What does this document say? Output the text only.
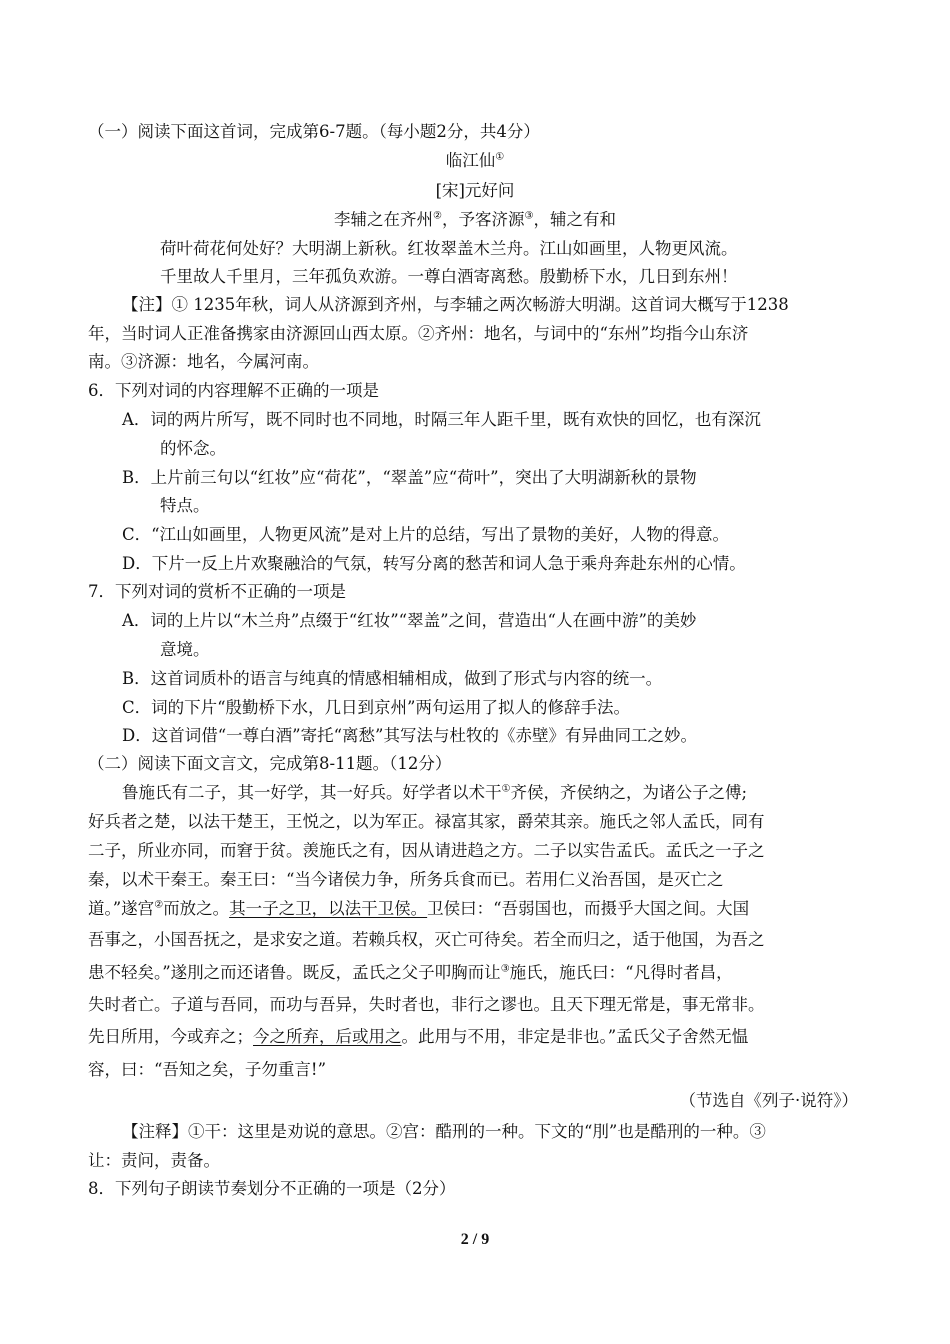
（一）阅读下面这首词，完成第6-7题。（每小题2分，共4分）
临江仙①
[宋]元好问
李辅之在齐州②，予客济源③，辅之有和
荷叶荷花何处好？大明湖上新秋。红妆翠盖木兰舟。江山如画里，人物更风流。
千里故人千里月，三年孤负欢游。一尊白酒寄离愁。殷勤桥下水，几日到东州！
【注】① 1235年秋，词人从济源到齐州，与李辅之两次畅游大明湖。这首词大概写于1238
年，当时词人正准备携家由济源回山西太原。②齐州：地名，与词中的“东州”均指今山东济
南。③济源：地名，今属河南。
6．下列对词的内容理解不正确的一项是
A．词的两片所写，既不同时也不同地，时隔三年人距千里，既有欢快的回忆，也有深沉
的怀念。
B．上片前三句以“红妆”应“荷花”，“翠盖”应“荷叶”，突出了大明湖新秋的景物
特点。
C．“江山如画里，人物更风流”是对上片的总结，写出了景物的美好，人物的得意。
D．下片一反上片欢聚融洽的气氛，转写分离的愁苦和词人急于乘舟奔赴东州的心情。
7．下列对词的赏析不正确的一项是
A．词的上片以“木兰舟”点缀于“红妆”“翠盖”之间，营造出“人在画中游”的美妙
意境。
B．这首词质朴的语言与纯真的情感相辅相成，做到了形式与内容的统一。
C．词的下片“殷勤桥下水，几日到京州”两句运用了拟人的修辞手法。
D．这首词借“一尊白酒”寄托“离愁”其写法与杜牧的《赤壁》有异曲同工之妙。
（二）阅读下面文言文，完成第8-11题。（12分）
鲁施氏有二子，其一好学，其一好兵。好学者以术干①齐侯，齐侯纳之，为诸公子之傅;
好兵者之楚，以法干楚王，王悦之，以为军正。禄富其家，爵荣其亲。施氏之邻人孟氏，同有
二子，所业亦同，而窘于贫。羡施氏之有，因从请进趋之方。二子以实告孟氏。孟氏之一子之
秦，以术干秦王。秦王曰：“当今诸侯力争，所务兵食而已。若用仁义治吾国，是灭亡之
道。”遂宫②而放之。其一子之卫，以法干卫侯。卫侯曰：“吾弱国也，而摄乎大国之间。大国
吾事之，小国吾抚之，是求安之道。若赖兵权，灭亡可待矣。若全而归之，适于他国，为吾之
患不轻矣。”遂刖之而还诸鲁。既反，孟氏之父子叩胸而让③施氏，施氏曰：“凡得时者昌，
失时者亡。子道与吾同，而功与吾异，失时者也，非行之谬也。且天下理无常是，事无常非。
先日所用，今或弃之；今之所弃，后或用之。此用与不用，非定是非也。”孟氏父子舍然无愠
容，曰：“吾知之矣，子勿重言!”
（节选自《列子·说符》）
【注释】①干：这里是劝说的意思。②宫：酷刑的一种。下文的“刖”也是酷刑的一种。③
让：责问，责备。
8．下列句子朗读节奏划分不正确的一项是（2分）
2 / 9
